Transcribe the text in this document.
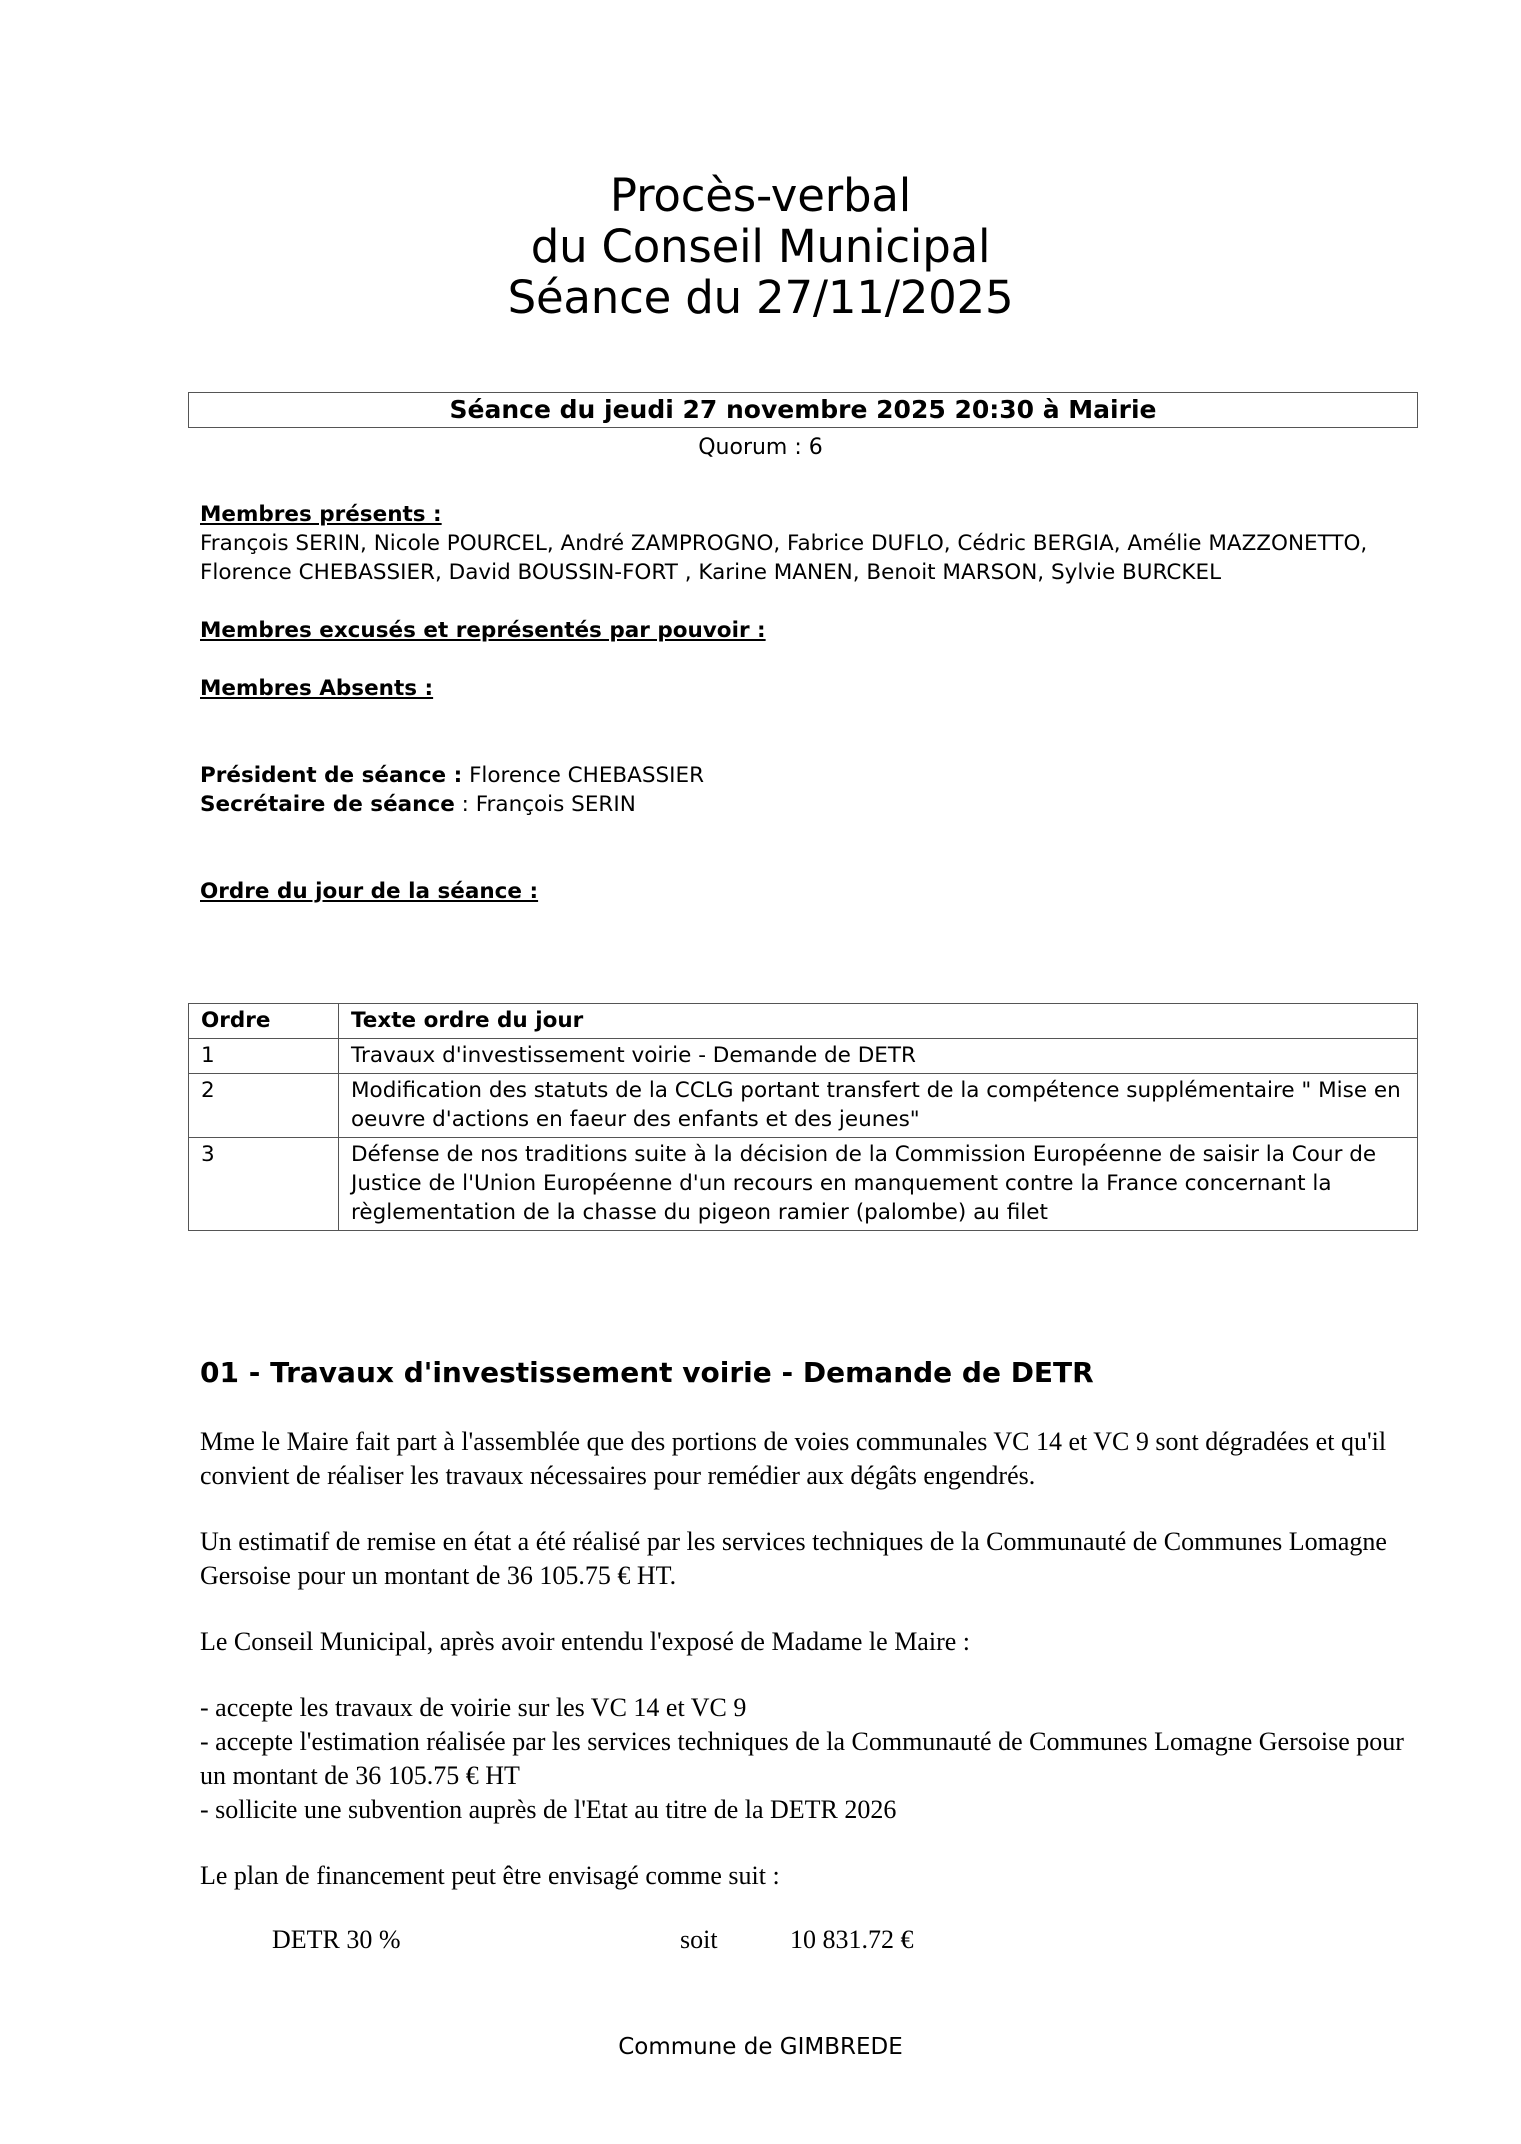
Procès-verbal
du Conseil Municipal
Séance du 27/11/2025
Séance du jeudi 27 novembre 2025 20:30 à Mairie
Quorum : 6
Membres présents :
François SERIN, Nicole POURCEL, André ZAMPROGNO, Fabrice DUFLO, Cédric BERGIA, Amélie MAZZONETTO, Florence CHEBASSIER, David BOUSSIN-FORT , Karine MANEN, Benoit MARSON, Sylvie BURCKEL
Membres excusés et représentés par pouvoir :
Membres Absents :
Président de séance : Florence CHEBASSIER
Secrétaire de séance : François SERIN
Ordre du jour de la séance :
Ordre	Texte ordre du jour
1	Travaux d'investissement voirie - Demande de DETR
2	Modification des statuts de la CCLG portant transfert de la compétence supplémentaire " Mise en oeuvre d'actions en faeur des enfants et des jeunes"
3	Défense de nos traditions suite à la décision de la Commission Européenne de saisir la Cour de Justice de l'Union Européenne d'un recours en manquement contre la France concernant la règlementation de la chasse du pigeon ramier (palombe) au filet
01 - Travaux d'investissement voirie - Demande de DETR

Mme le Maire fait part à l'assemblée que des portions de voies communales VC 14 et VC 9 sont dégradées et qu'il convient de réaliser les travaux nécessaires pour remédier aux dégâts engendrés.

Un estimatif de remise en état a été réalisé par les services techniques de la Communauté de Communes Lomagne Gersoise pour un montant de 36 105.75 € HT.

Le Conseil Municipal, après avoir entendu l'exposé de Madame le Maire :

- accepte les travaux de voirie sur les VC 14 et VC 9

- accepte l'estimation réalisée par les services techniques de la Communauté de Communes Lomagne Gersoise pour un montant de 36 105.75 € HT

- sollicite une subvention auprès de l'Etat au titre de la DETR 2026

Le plan de financement peut être envisagé comme suit :

DETR 30 %	soit	10 831.72 €
Commune de GIMBREDE
